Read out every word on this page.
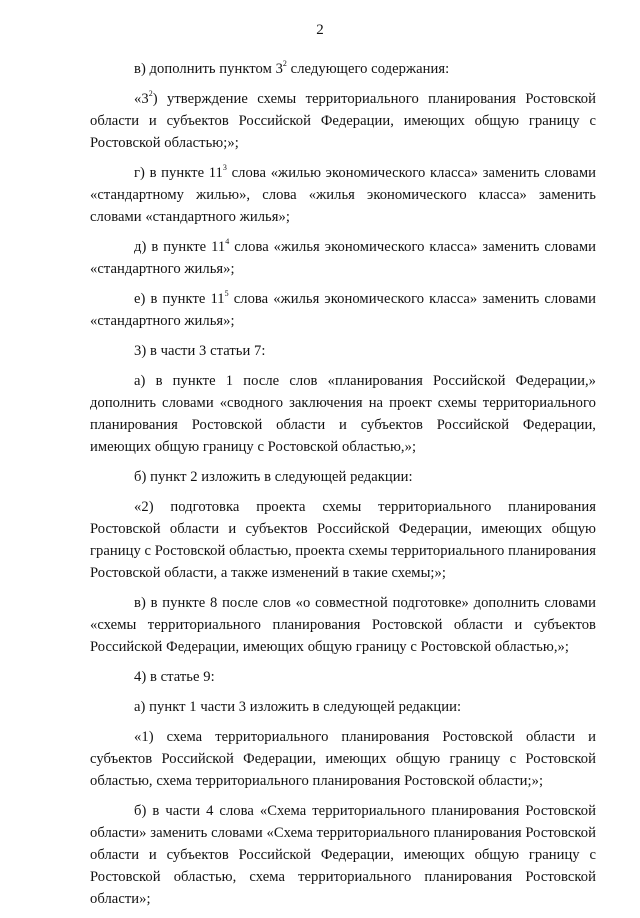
2

в) дополнить пунктом $3^2$ следующего содержания:

«$3^2$) утверждение схемы территориального планирования Ростовской области и субъектов Российской Федерации, имеющих общую границу с Ростовской областью;»;

г) в пункте $11^3$ слова «жилью экономического класса» заменить словами «стандартному жилью», слова «жилья экономического класса» заменить словами «стандартного жилья»;

д) в пункте $11^4$ слова «жилья экономического класса» заменить словами «стандартного жилья»;

е) в пункте $11^5$ слова «жилья экономического класса» заменить словами «стандартного жилья»;

3) в части 3 статьи 7:

а) в пункте 1 после слов «планирования Российской Федерации,» дополнить словами «сводного заключения на проект схемы территориального планирования Ростовской области и субъектов Российской Федерации, имеющих общую границу с Ростовской областью,»;

б) пункт 2 изложить в следующей редакции:

«2) подготовка проекта схемы территориального планирования Ростовской области и субъектов Российской Федерации, имеющих общую границу с Ростовской областью, проекта схемы территориального планирования Ростовской области, а также изменений в такие схемы;»;

в) в пункте 8 после слов «о совместной подготовке» дополнить словами «схемы территориального планирования Ростовской области и субъектов Российской Федерации, имеющих общую границу с Ростовской областью,»;

4) в статье 9:

а) пункт 1 части 3 изложить в следующей редакции:

«1) схема территориального планирования Ростовской области и субъектов Российской Федерации, имеющих общую границу с Ростовской областью, схема территориального планирования Ростовской области;»;

б) в части 4 слова «Схема территориального планирования Ростовской области» заменить словами «Схема территориального планирования Ростовской области и субъектов Российской Федерации, имеющих общую границу с Ростовской областью, схема территориального планирования Ростовской области»;
